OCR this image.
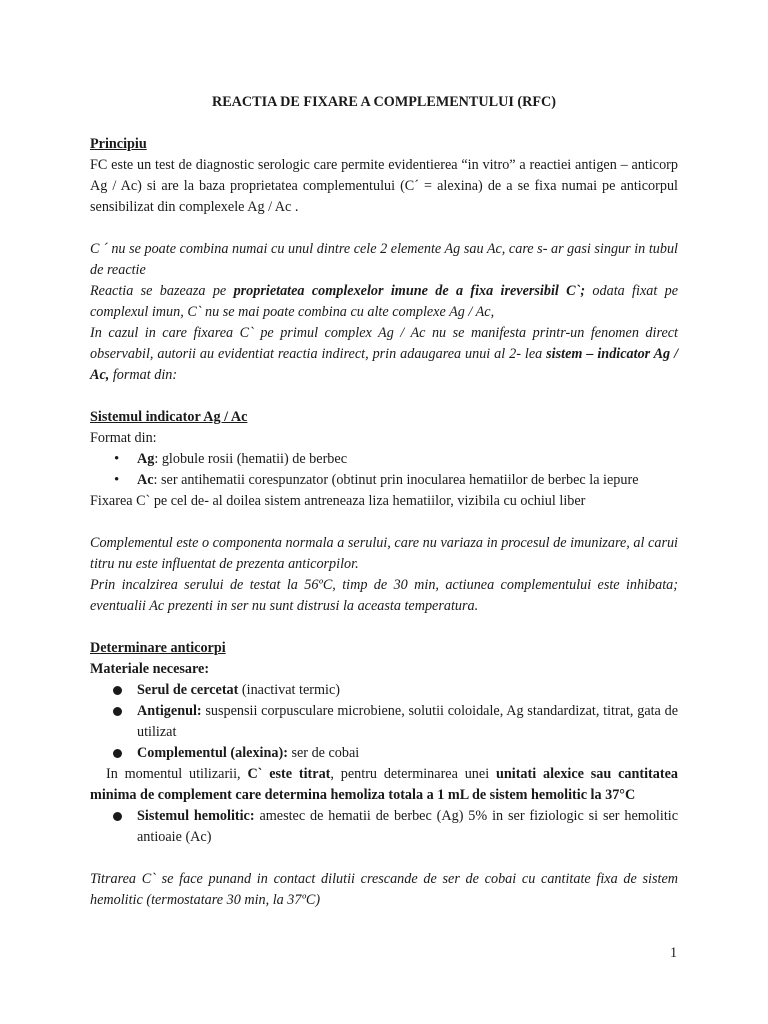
REACTIA DE FIXARE A COMPLEMENTULUI (RFC)

Principiu

FC este un test de diagnostic serologic care permite evidentierea “in vitro” a reactiei antigen – anticorp Ag / Ac) si are la baza proprietatea complementului (C´ = alexina) de a se fixa numai pe anticorpul sensibilizat din complexele Ag / Ac .

C ´ nu se poate combina numai cu unul dintre cele 2 elemente Ag sau Ac, care s- ar gasi singur in tubul de reactie

Reactia se bazeaza pe proprietatea complexelor imune de a fixa ireversibil C`; odata fixat pe complexul imun, C` nu se mai poate combina cu alte complexe Ag / Ac,

In cazul in care fixarea C` pe primul complex Ag / Ac nu se manifesta printr-un fenomen direct observabil, autorii au evidentiat reactia indirect, prin adaugarea unui al 2- lea sistem – indicator Ag / Ac, format din:

Sistemul indicator Ag / Ac

Format din:

• Ag: globule rosii (hematii) de berbec
• Ac: ser antihematii corespunzator (obtinut prin inocularea hematiilor de berbec la iepure

Fixarea C` pe cel de- al doilea sistem antreneaza liza hematiilor, vizibila cu ochiul liber

Complementul este o componenta normala a serului, care nu variaza in procesul de imunizare, al carui titru nu este influentat de prezenta anticorpilor.

Prin incalzirea serului de testat la 56ºC, timp de 30 min, actiunea complementului este inhibata; eventualii Ac prezenti in ser nu sunt distrusi la aceasta temperatura.

Determinare anticorpi
Materiale necesare:
Serul de cercetat (inactivat termic)
Antigenul: suspensii corpusculare microbiene, solutii coloidale, Ag standardizat, titrat, gata de utilizat
Complementul (alexina): ser de cobai

In momentul utilizarii, C` este titrat, pentru determinarea unei unitati alexice sau cantitatea minima de complement care determina hemoliza totala a 1 mL de sistem hemolitic la 37°C

Sistemul hemolitic: amestec de hematii de berbec (Ag) 5% in ser fiziologic si ser hemolitic antioaie (Ac)

Titrarea C` se face punand in contact dilutii crescande de ser de cobai cu cantitate fixa de sistem hemolitic (termostatare 30 min, la 37ºC)

1
